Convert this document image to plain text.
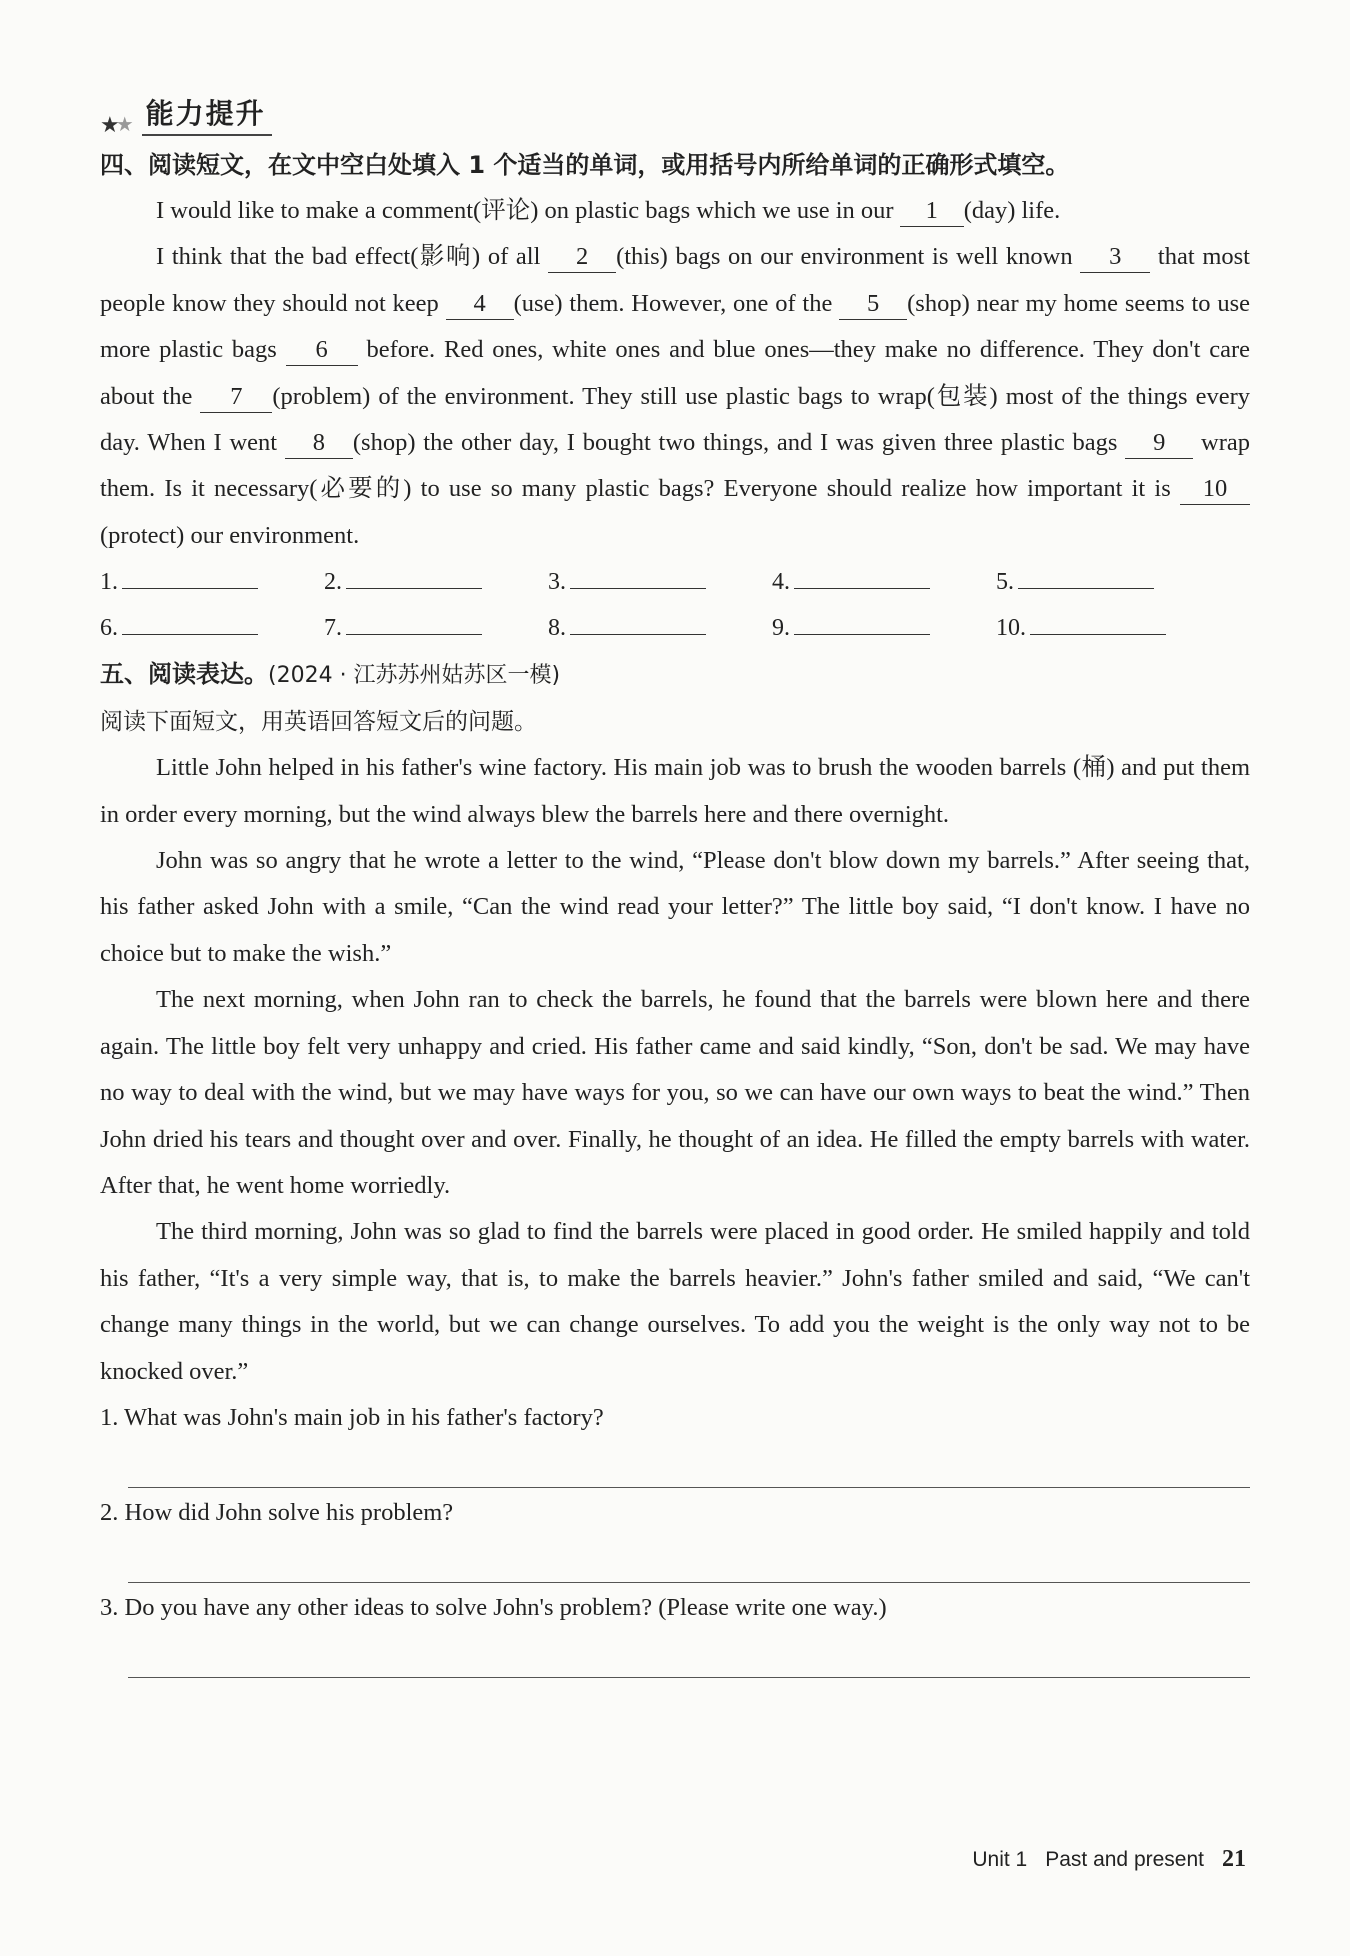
★
★ 能力提升
四、阅读短文，在文中空白处填入 1 个适当的单词，或用括号内所给单词的正确形式填空。

I would like to make a comment(评论) on plastic bags which we use in our 1 (day) life.

I think that the bad effect(影响) of all 2 (this) bags on our environment is well known 3 that most people know they should not keep 4 (use) them. However, one of the 5 (shop) near my home seems to use more plastic bags 6 before. Red ones, white ones and blue ones—they make no difference. They don't care about the 7 (problem) of the environment. They still use plastic bags to wrap(包装) most of the things every day. When I went 8 (shop) the other day, I bought two things, and I was given three plastic bags 9 wrap them. Is it necessary(必要的) to use so many plastic bags? Everyone should realize how important it is 10(protect) our environment.

1.	2.	3.	4.	5.
6.	7.	8.	9.	10.
五、阅读表达。(2024 · 江苏苏州姑苏区一模)
阅读下面短文，用英语回答短文后的问题。

Little John helped in his father's wine factory. His main job was to brush the wooden barrels (桶) and put them in order every morning, but the wind always blew the barrels here and there overnight.

John was so angry that he wrote a letter to the wind, “Please don't blow down my barrels.” After seeing that, his father asked John with a smile, “Can the wind read your letter?” The little boy said, “I don't know. I have no choice but to make the wish.”

The next morning, when John ran to check the barrels, he found that the barrels were blown here and there again. The little boy felt very unhappy and cried. His father came and said kindly, “Son, don't be sad. We may have no way to deal with the wind, but we may have ways for you, so we can have our own ways to beat the wind.” Then John dried his tears and thought over and over. Finally, he thought of an idea. He filled the empty barrels with water. After that, he went home worriedly.

The third morning, John was so glad to find the barrels were placed in good order. He smiled happily and told his father, “It's a very simple way, that is, to make the barrels heavier.” John's father smiled and said, “We can't change many things in the world, but we can change ourselves. To add you the weight is the only way not to be knocked over.”

1. What was John's main job in his father's factory?

2. How did John solve his problem?

3. Do you have any other ideas to solve John's problem? (Please write one way.)

Unit 1 Past and present 21
